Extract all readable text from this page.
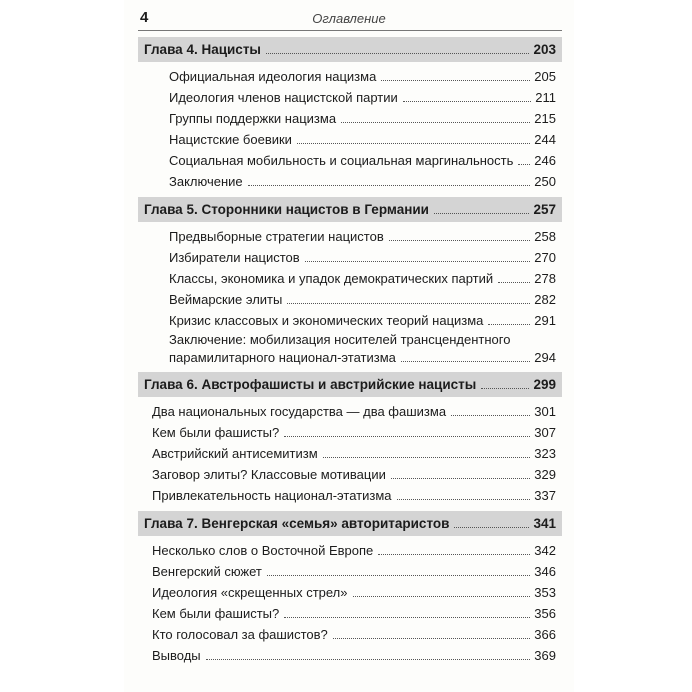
4	Оглавление
Глава 4. Нацисты	203
Официальная идеология нацизма	205
Идеология членов нацистской партии	211
Группы поддержки нацизма	215
Нацистские боевики	244
Социальная мобильность и социальная маргинальность 246
Заключение	250
Глава 5. Сторонники нацистов в Германии	257
Предвыборные стратегии нацистов	258
Избиратели нацистов	270
Классы, экономика и упадок демократических партий	278
Веймарские элиты	282
Кризис классовых и экономических теорий нацизма	291
Заключение: мобилизация носителей трансцендентного
парамилитарного национал-этатизма	294
Глава 6. Австрофашисты и австрийские нацисты	299
Два национальных государства — два фашизма	301
Кем были фашисты?	307
Австрийский антисемитизм	323
Заговор элиты? Классовые мотивации	329
Привлекательность национал-этатизма	337
Глава 7. Венгерская «семья» авторитаристов	341
Несколько слов о Восточной Европе	342
Венгерский сюжет	346
Идеология «скрещенных стрел»	353
Кем были фашисты?	356
Кто голосовал за фашистов?	366
Выводы	369
